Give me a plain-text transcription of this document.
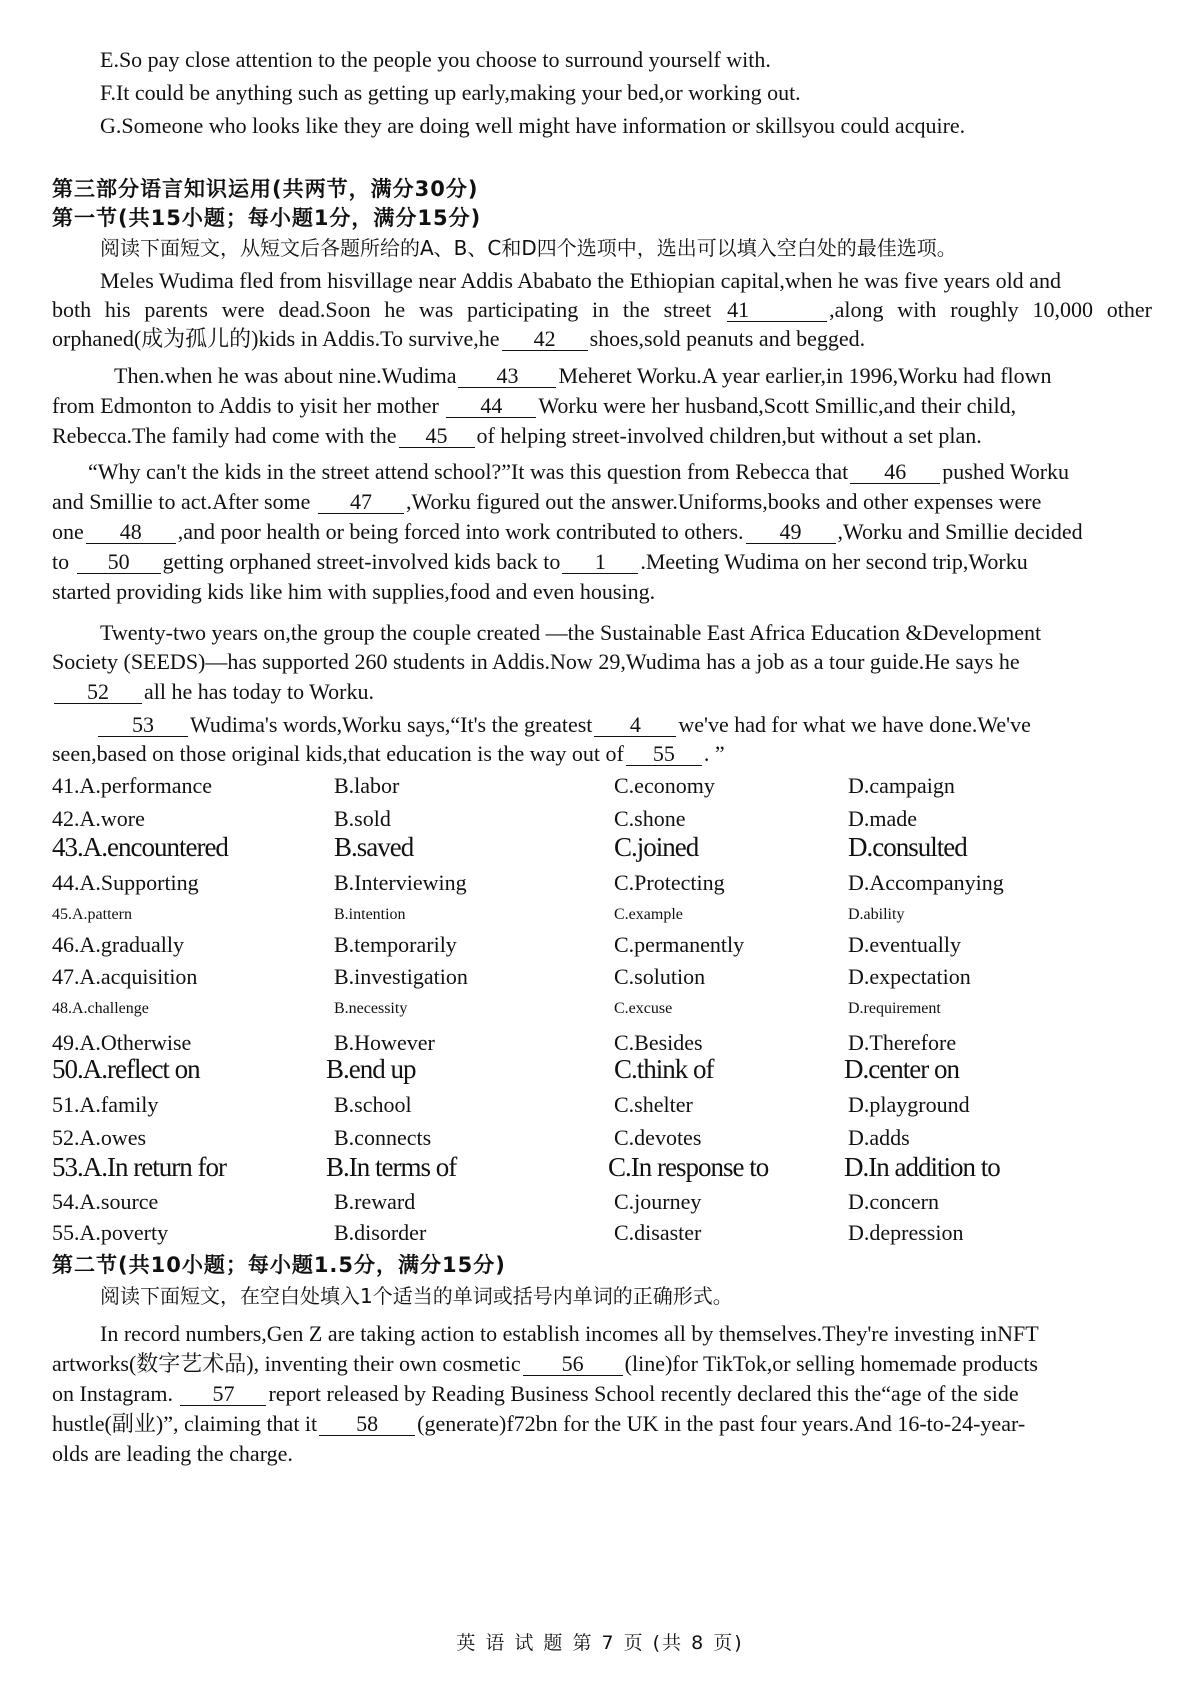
E.So pay close attention to the people you choose to surround yourself with.
F.It could be anything such as getting up early,making your bed,or working out.
G.Someone who looks like they are doing well might have information or skillsyou could acquire.
第三部分语言知识运用(共两节，满分30分)
第一节(共15小题；每小题1分，满分15分)
阅读下面短文，从短文后各题所给的A、B、C和D四个选项中，选出可以填入空白处的最佳选项。
Meles Wudima fled from hisvillage near Addis Ababato the Ethiopian capital,when he was five years old and
both his parents were dead.Soon he was participating in the street 41	,along with roughly 10,000 other
orphaned(成为孤儿的)kids in Addis.To survive,he 42 shoes,sold peanuts and begged.
Then.when he was about nine.Wudima 43 Meheret Worku.A year earlier,in 1996,Worku had flown
from Edmonton to Addis to yisit her mother 44 Worku were her husband,Scott Smillic,and their child,
Rebecca.The family had come with the 45 of helping street-involved children,but without a set plan.
“Why can't the kids in the street attend school?”It was this question from Rebecca that 46 pushed Worku
and Smillie to act.After some 47 ,Worku figured out the answer.Uniforms,books and other expenses were
one 48 ,and poor health or being forced into work contributed to others. 49 ,Worku and Smillie decided
to 50 getting orphaned street-involved kids back to 1 .Meeting Wudima on her second trip,Worku
started providing kids like him with supplies,food and even housing.
Twenty-two years on,the group the couple created —the Sustainable East Africa Education &Development
Society (SEEDS)—has supported 260 students in Addis.Now 29,Wudima has a job as a tour guide.He says he
52 all he has today to Worku.
53 Wudima's words,Worku says,“It's the greatest 4 we've had for what we have done.We've
seen,based on those original kids,that education is the way out of 55 . ”
41.A.performance	B.labor	C.economy	D.campaign
42.A.wore	B.sold	C.shone	D.made
43.A.encountered	B.saved	C.joined	D.consulted
44.A.Supporting	B.Interviewing	C.Protecting	D.Accompanying
45.A.pattern	B.intention	C.example	D.ability
46.A.gradually	B.temporarily	C.permanently	D.eventually
47.A.acquisition	B.investigation	C.solution	D.expectation
48.A.challenge	B.necessity	C.excuse	D.requirement
49.A.Otherwise	B.However	C.Besides	D.Therefore
50.A.reflect on	B.end up	C.think of	D.center on
51.A.family	B.school	C.shelter	D.playground
52.A.owes	B.connects	C.devotes	D.adds
53.A.In return for	B.In terms of	C.In response to	D.In addition to
54.A.source	B.reward	C.journey	D.concern
55.A.poverty	B.disorder	C.disaster	D.depression
第二节(共10小题；每小题1.5分，满分15分)
阅读下面短文，在空白处填入1个适当的单词或括号内单词的正确形式。
In record numbers,Gen Z are taking action to establish incomes all by themselves.They're investing inNFT
artworks(数字艺术品), inventing their own cosmetic 56 (line)for TikTok,or selling homemade products
on Instagram. 57 report released by Reading Business School recently declared this the“age of the side
hustle(副业)”, claiming that it 58 (generate)f72bn for the UK in the past four years.And 16-to-24-year-
olds are leading the charge.
英 语 试 题 第 7 页 (共 8 页)
